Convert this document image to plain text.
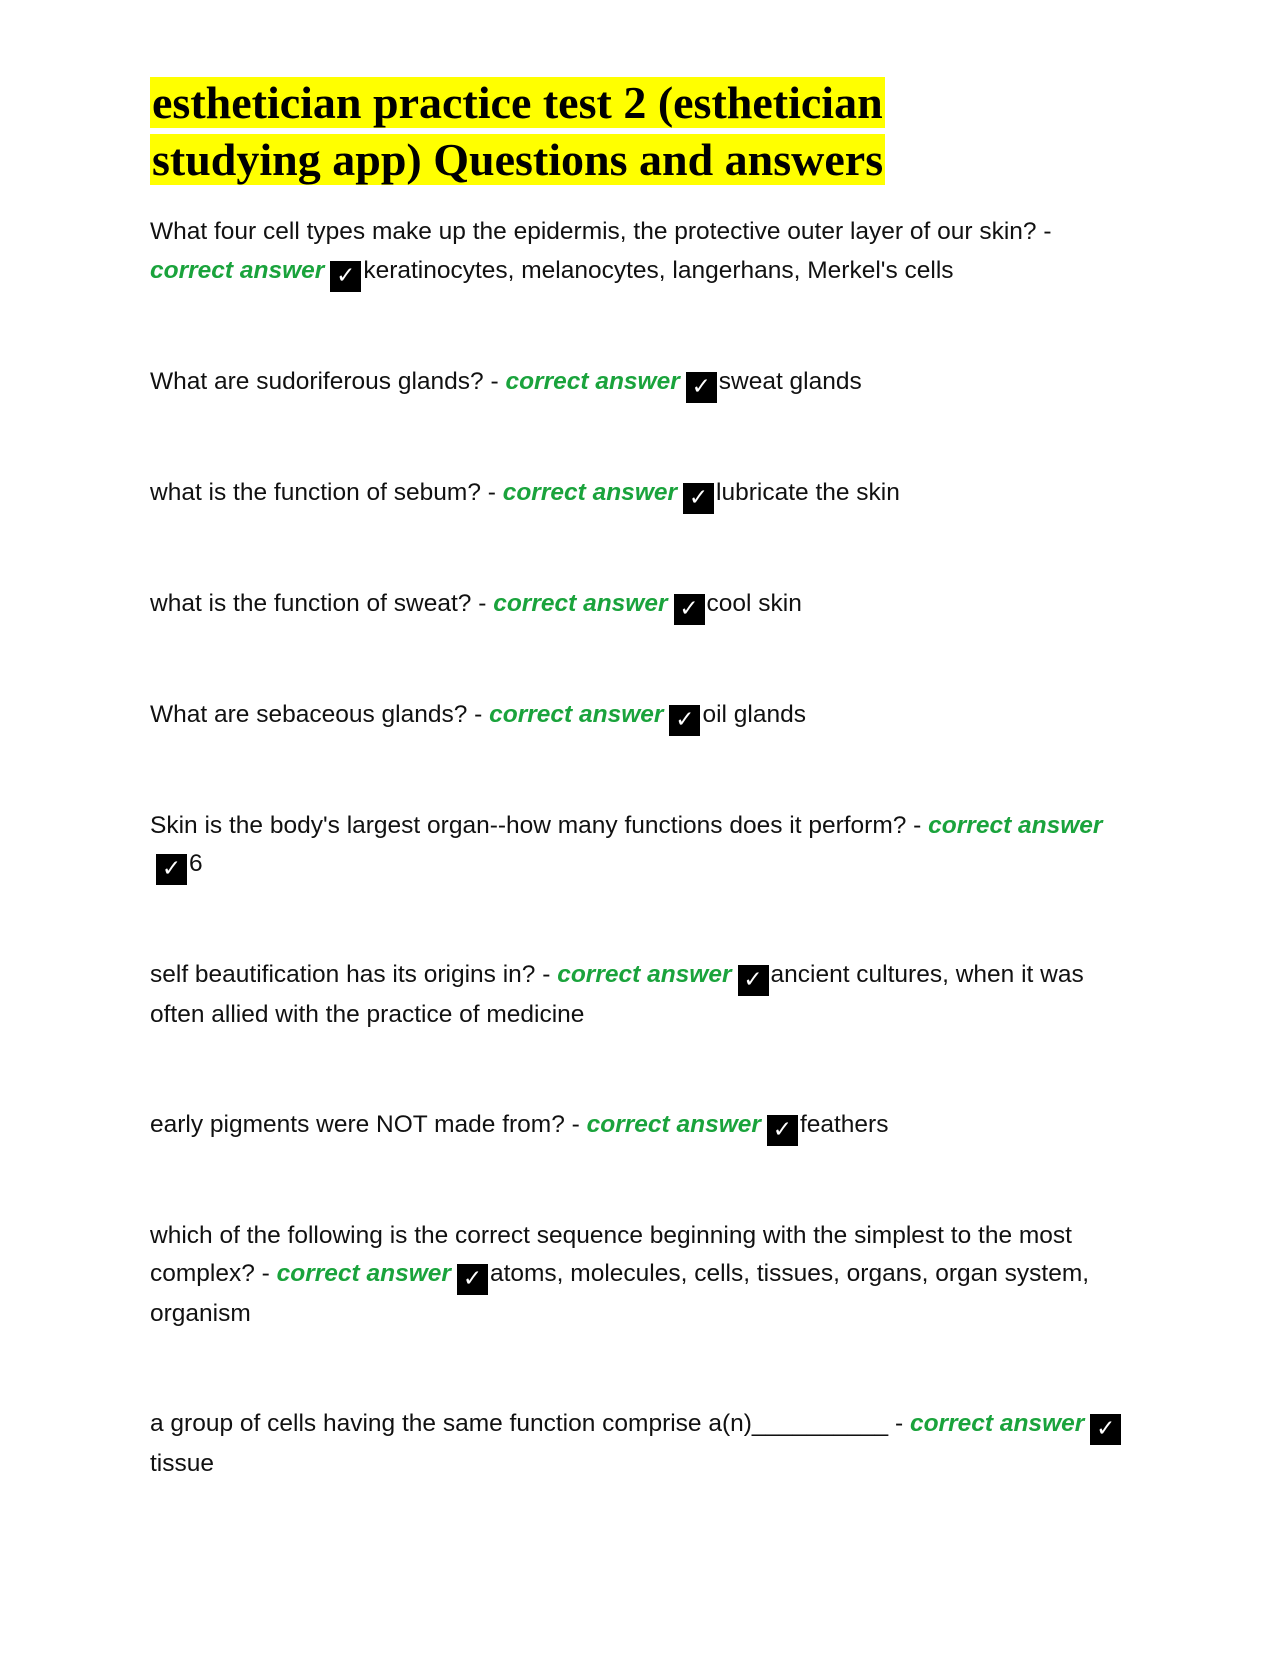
esthetician practice test 2 (esthetician studying app) Questions and answers

What four cell types make up the epidermis, the protective outer layer of our skin? - correct answer ✓ keratinocytes, melanocytes, langerhans, Merkel's cells

What are sudoriferous glands? - correct answer ✓ sweat glands

what is the function of sebum? - correct answer ✓ lubricate the skin

what is the function of sweat? - correct answer ✓ cool skin

What are sebaceous glands? - correct answer ✓ oil glands

Skin is the body's largest organ--how many functions does it perform? - correct answer✓ 6

self beautification has its origins in? - correct answer ✓ ancient cultures, when it was often allied with the practice of medicine

early pigments were NOT made from? - correct answer ✓ feathers

which of the following is the correct sequence beginning with the simplest to the most complex? - correct answer ✓ atoms, molecules, cells, tissues, organs, organ system, organism

a group of cells having the same function comprise a(n)__________ - correct answer ✓tissue
